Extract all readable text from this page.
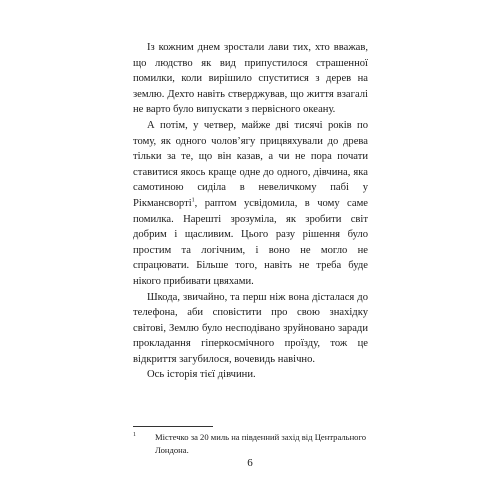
Із кожним днем зростали лави тих, хто вважав, що людство як вид припустилося страшенної помилки, коли вирішило спуститися з дерев на землю. Дехто навіть стверджував, що життя взагалі не варто було випускати з первісного океану.

А потім, у четвер, майже дві тисячі років по тому, як одного чолов’ягу прицвяхували до древа тільки за те, що він казав, а чи не пора почати ставитися якось краще одне до одного, дівчина, яка самотиною сиділа в невеличкому пабі у Рікмансворті$^1$, раптом усвідомила, в чому саме помилка. Нарешті зрозуміла, як зробити світ добрим і щасливим. Цього разу рішення було простим та логічним, і воно не могло не спрацювати. Більше того, навіть не треба буде нікого прибивати цвяхами.

Шкода, звичайно, та перш ніж вона дісталася до телефона, аби сповістити про свою знахідку світові, Землю було несподівано зруйновано заради прокладання гіперкосмічного проїзду, тож це відкриття загубилося, вочевидь навічно.

Ось історія тієї дівчини.

1	Містечко за 20 миль на південний захід від Центрального Лондона.
6
